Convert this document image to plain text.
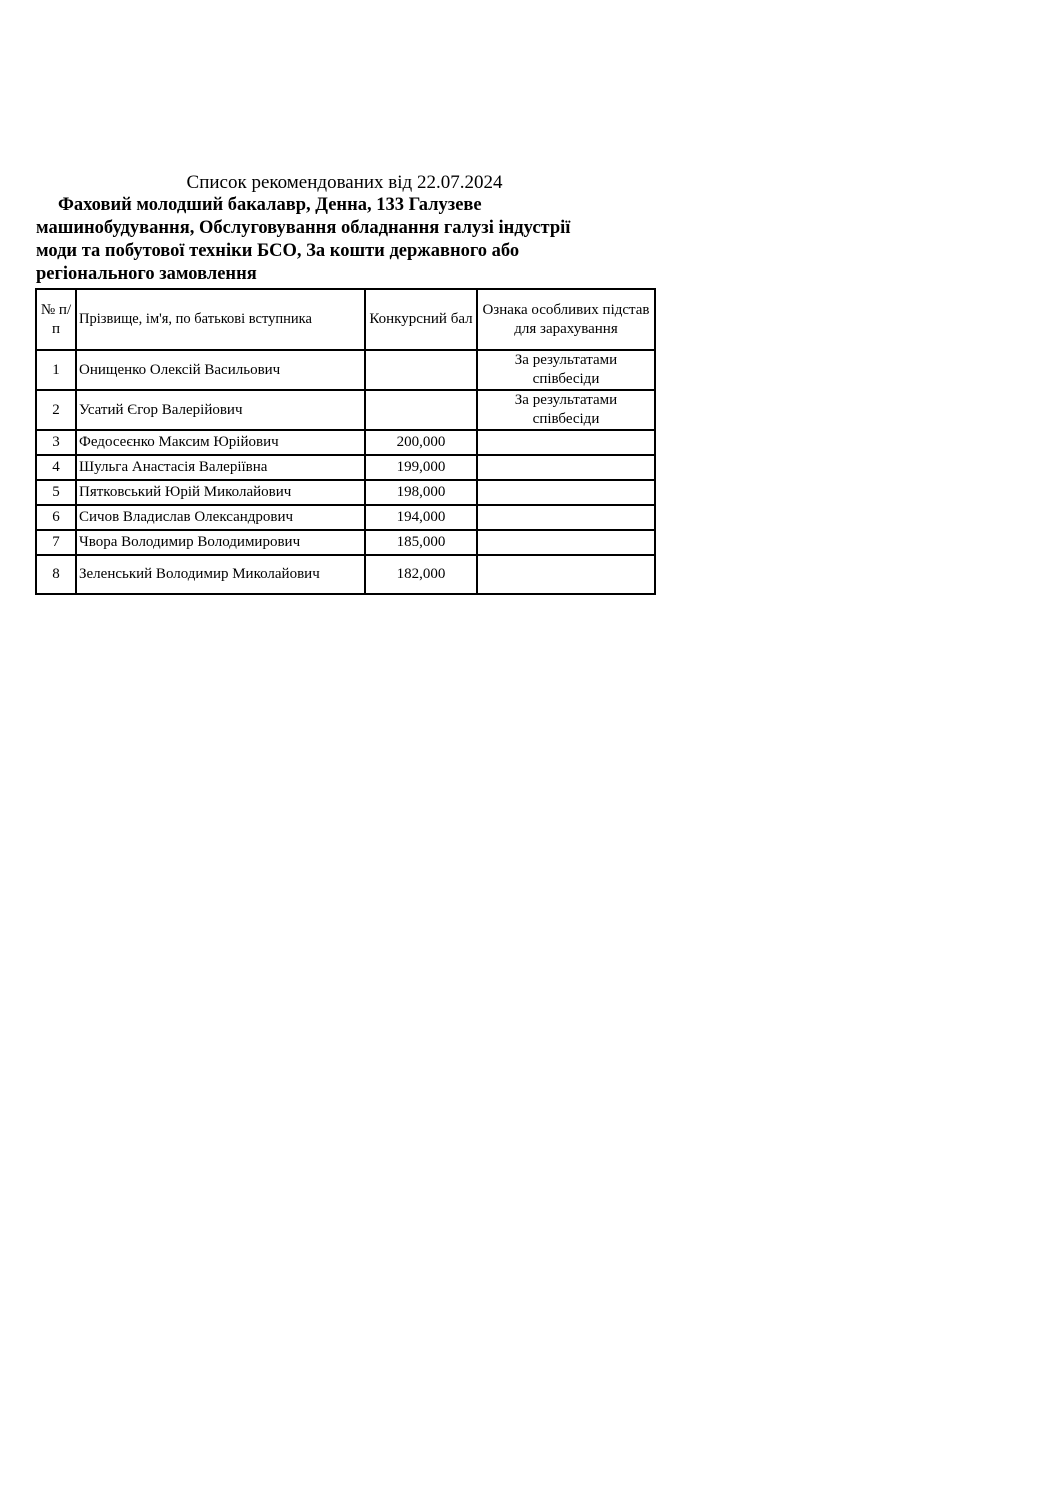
Список рекомендованих від 22.07.2024
Фаховий молодший бакалавр, Денна, 133 Галузеве
машинобудування, Обслуговування обладнання галузі індустрії
моди та побутової техніки БСО, За кошти державного або
регіонального замовлення
№ п/п	Прізвище, ім'я, по батькові вступника	Конкурсний бал	Ознака особливих підстав для зарахування
1	Онищенко Олексій Васильович		За результатами співбесіди
2	Усатий Єгор Валерійович		За результатами співбесіди
3	Федосеєнко Максим Юрійович	200,000	
4	Шульга Анастасія Валеріївна	199,000	
5	Пятковський Юрій Миколайович	198,000	
6	Сичов Владислав Олександрович	194,000	
7	Чвора Володимир Володимирович	185,000	
8	Зеленський Володимир Миколайович	182,000	
